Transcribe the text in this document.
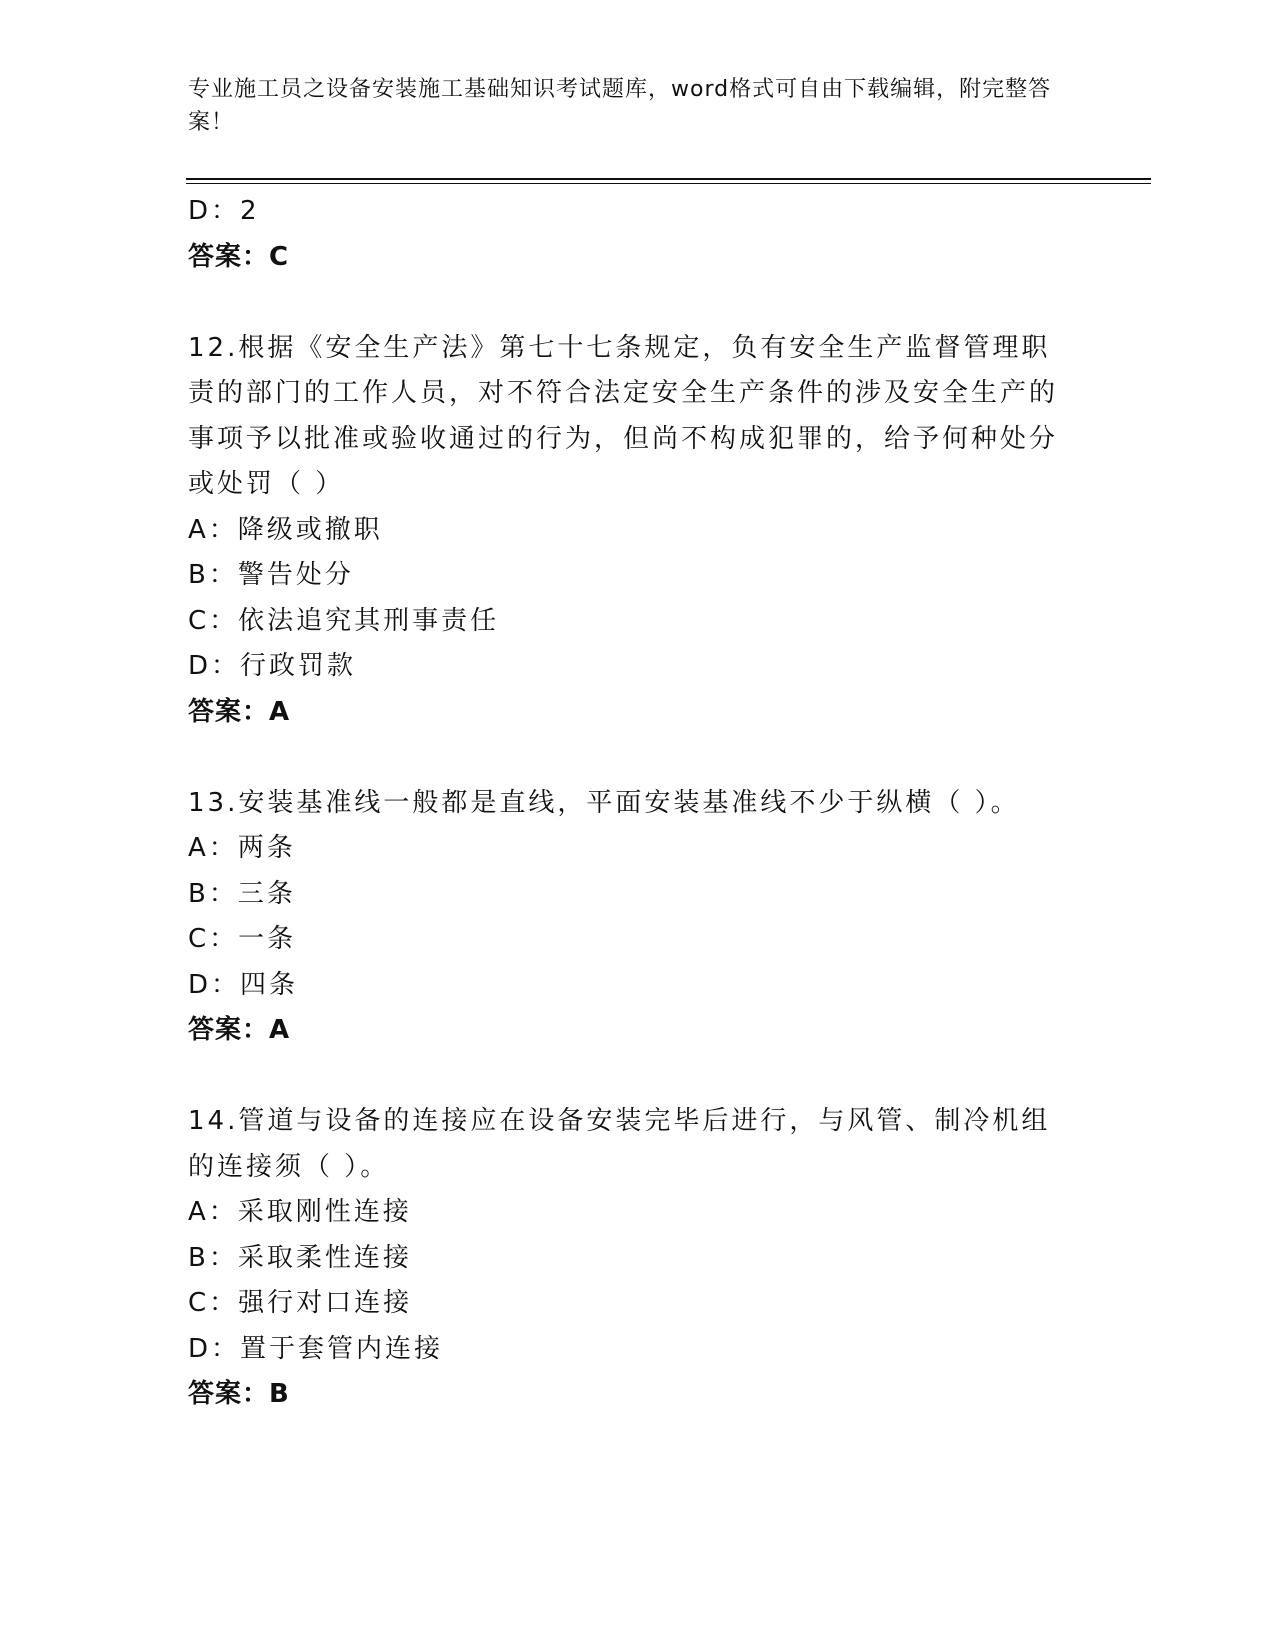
专业施工员之设备安装施工基础知识考试题库，word格式可自由下载编辑，附完整答案！
D：2
答案：C
12.根据《安全生产法》第七十七条规定，负有安全生产监督管理职责的部门的工作人员，对不符合法定安全生产条件的涉及安全生产的事项予以批准或验收通过的行为，但尚不构成犯罪的，给予何种处分或处罚（ ）
A：降级或撤职
B：警告处分
C：依法追究其刑事责任
D：行政罚款
答案：A
13.安装基准线一般都是直线，平面安装基准线不少于纵横（ ）。
A：两条
B：三条
C：一条
D：四条
答案：A
14.管道与设备的连接应在设备安装完毕后进行，与风管、制冷机组的连接须（ ）。
A：采取刚性连接
B：采取柔性连接
C：强行对口连接
D：置于套管内连接
答案：B
